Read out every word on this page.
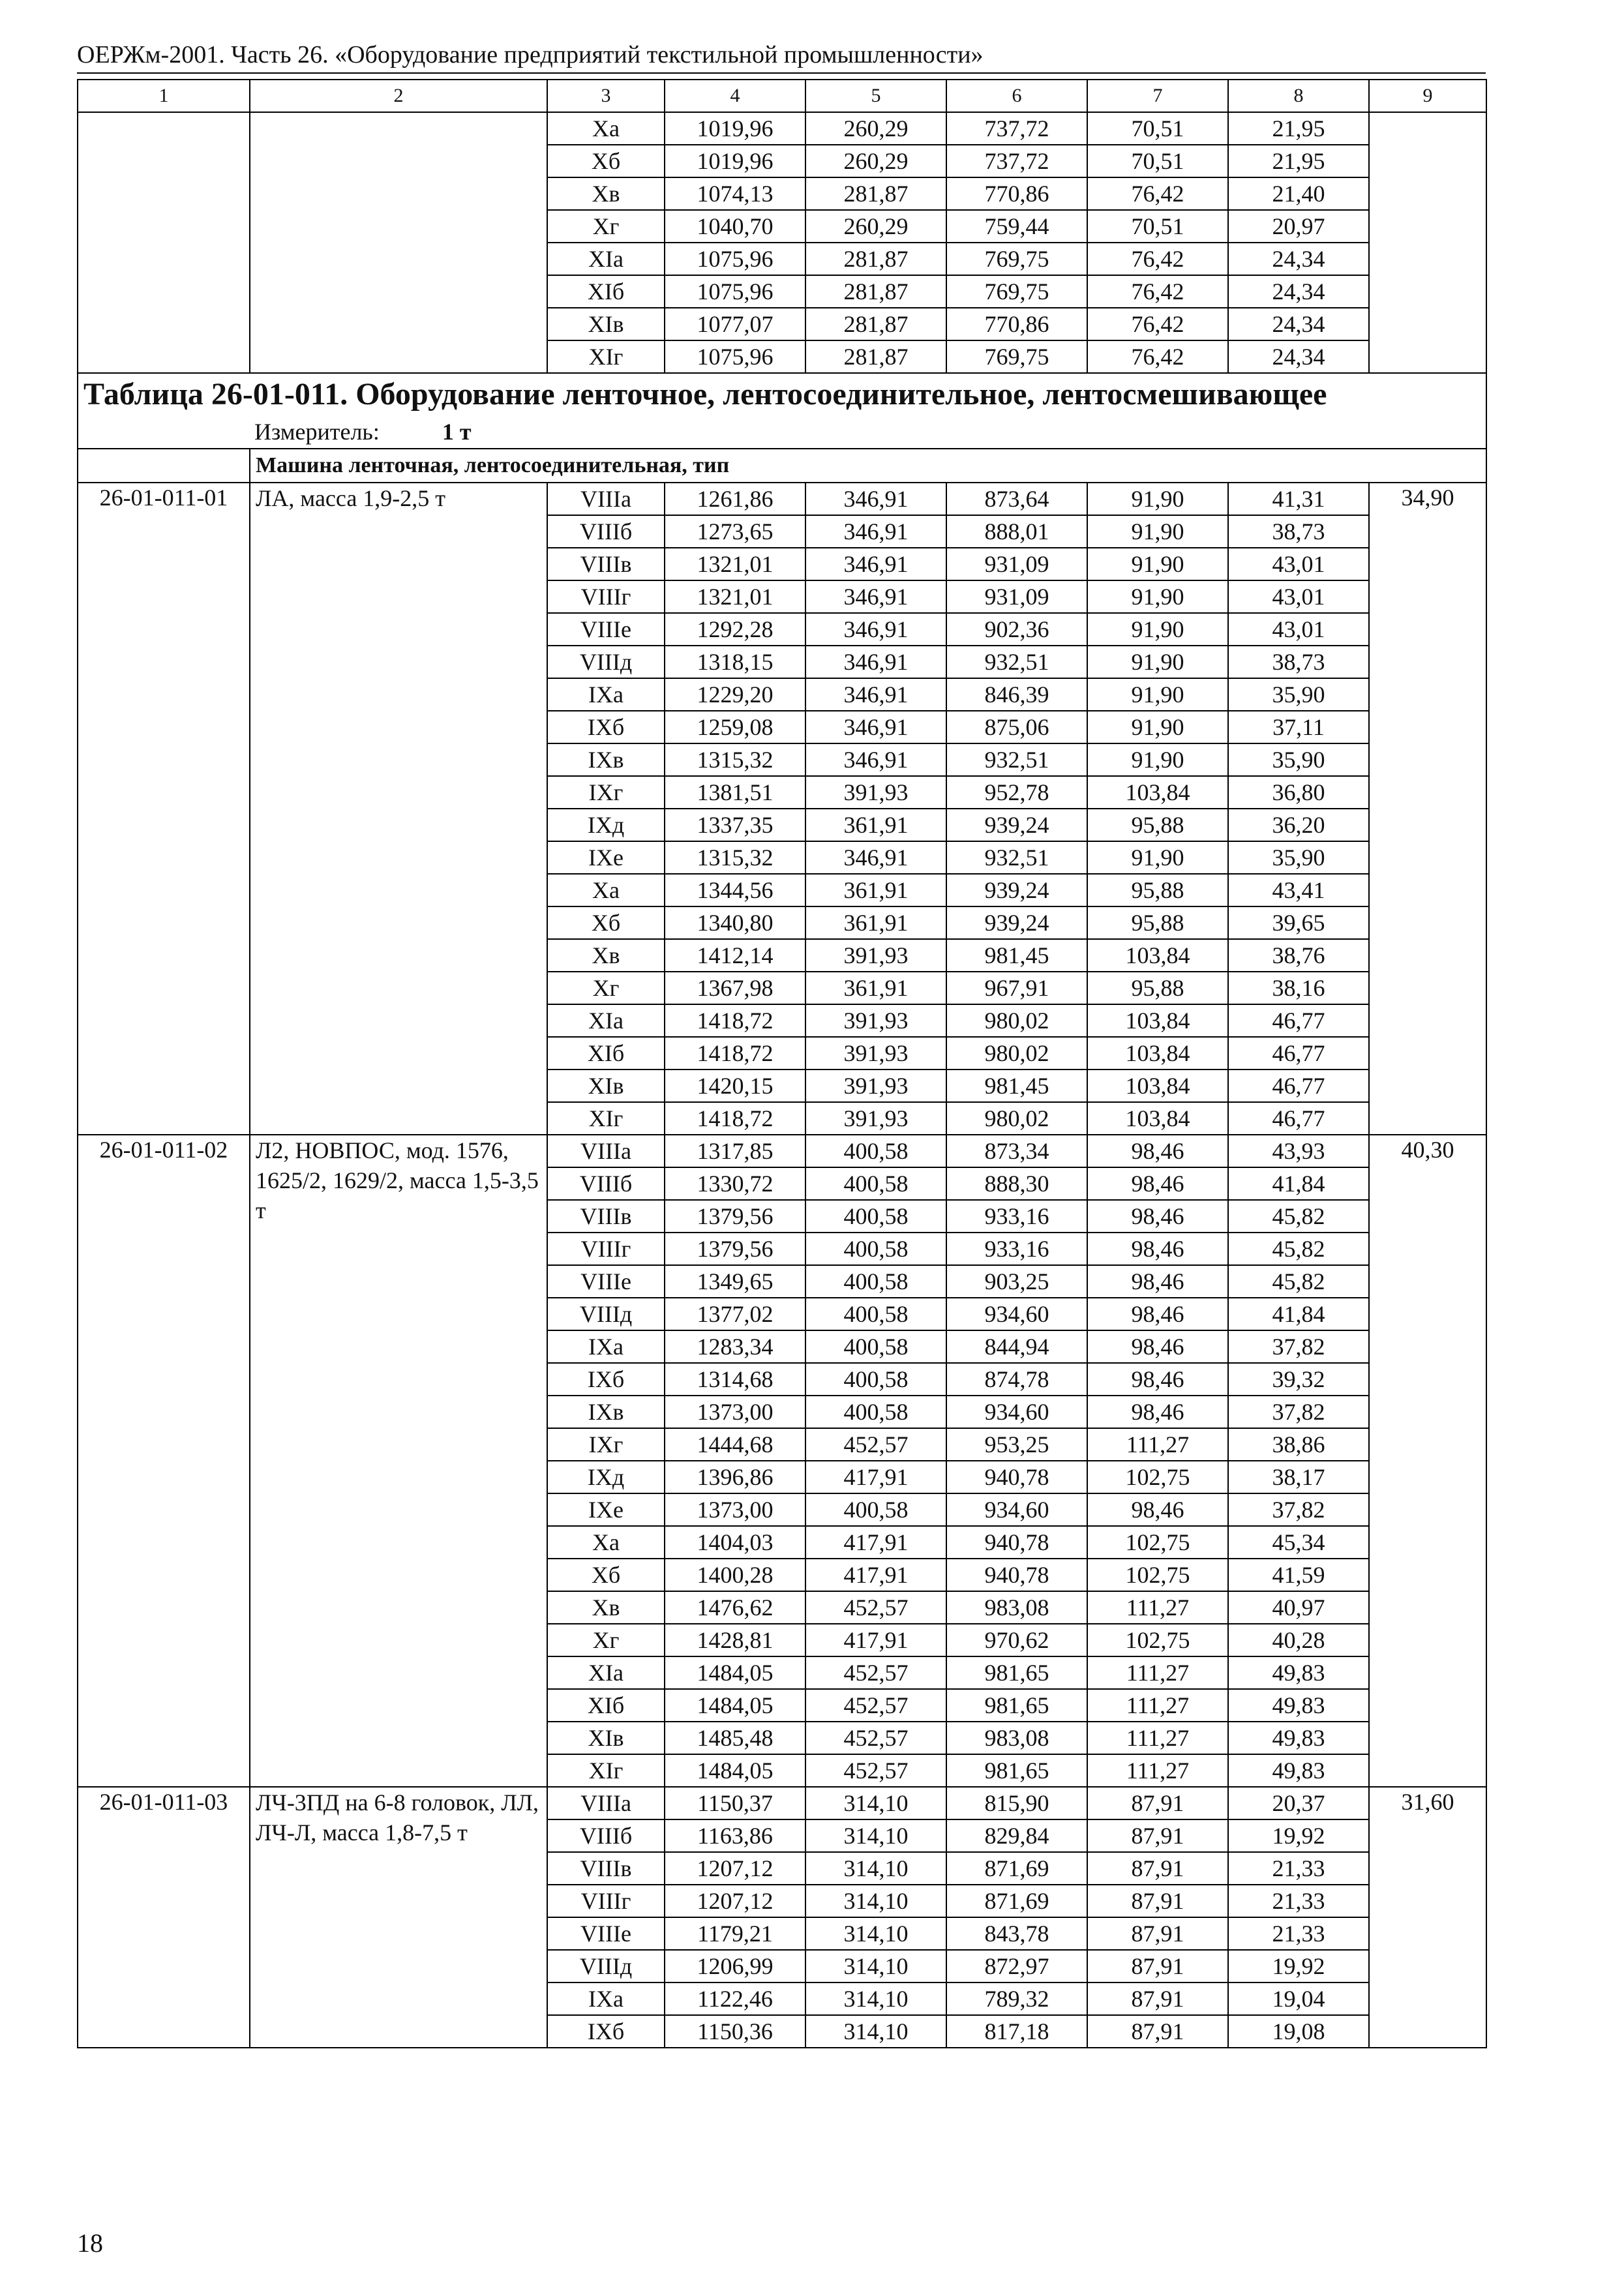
ОЕРЖм-2001. Часть 26. «Оборудование предприятий текстильной промышленности»
1	2	3	4	5	6	7	8	9
		Ха	1019,96	260,29	737,72	70,51	21,95	
		Хб	1019,96	260,29	737,72	70,51	21,95	
		Хв	1074,13	281,87	770,86	76,42	21,40	
		Хг	1040,70	260,29	759,44	70,51	20,97	
		ХIа	1075,96	281,87	769,75	76,42	24,34	
		ХIб	1075,96	281,87	769,75	76,42	24,34	
		ХIв	1077,07	281,87	770,86	76,42	24,34	
		ХIг	1075,96	281,87	769,75	76,42	24,34	
Таблица 26-01-011. Оборудование ленточное, лентосоединительное, лентосмешивающее								
Измеритель: 1 т								
	Машина ленточная, лентосоединительная, тип							
26-01-011-01	ЛА, масса 1,9-2,5 т	VIIIа	1261,86	346,91	873,64	91,90	41,31	34,90
		VIIIб	1273,65	346,91	888,01	91,90	38,73	
		VIIIв	1321,01	346,91	931,09	91,90	43,01	
		VIIIг	1321,01	346,91	931,09	91,90	43,01	
		VIIIе	1292,28	346,91	902,36	91,90	43,01	
		VIIIд	1318,15	346,91	932,51	91,90	38,73	
		IХа	1229,20	346,91	846,39	91,90	35,90	
		IХб	1259,08	346,91	875,06	91,90	37,11	
		IХв	1315,32	346,91	932,51	91,90	35,90	
		IХг	1381,51	391,93	952,78	103,84	36,80	
		IХд	1337,35	361,91	939,24	95,88	36,20	
		IХе	1315,32	346,91	932,51	91,90	35,90	
		Ха	1344,56	361,91	939,24	95,88	43,41	
		Хб	1340,80	361,91	939,24	95,88	39,65	
		Хв	1412,14	391,93	981,45	103,84	38,76	
		Хг	1367,98	361,91	967,91	95,88	38,16	
		ХIа	1418,72	391,93	980,02	103,84	46,77	
		ХIб	1418,72	391,93	980,02	103,84	46,77	
		ХIв	1420,15	391,93	981,45	103,84	46,77	
		ХIг	1418,72	391,93	980,02	103,84	46,77	
26-01-011-02	Л2, НОВПОС, мод. 1576, 1625/2, 1629/2, масса 1,5-3,5 т	VIIIа	1317,85	400,58	873,34	98,46	43,93	40,30
		VIIIб	1330,72	400,58	888,30	98,46	41,84	
		VIIIв	1379,56	400,58	933,16	98,46	45,82	
		VIIIг	1379,56	400,58	933,16	98,46	45,82	
		VIIIе	1349,65	400,58	903,25	98,46	45,82	
		VIIIд	1377,02	400,58	934,60	98,46	41,84	
		IХа	1283,34	400,58	844,94	98,46	37,82	
		IХб	1314,68	400,58	874,78	98,46	39,32	
		IХв	1373,00	400,58	934,60	98,46	37,82	
		IХг	1444,68	452,57	953,25	111,27	38,86	
		IХд	1396,86	417,91	940,78	102,75	38,17	
		IХе	1373,00	400,58	934,60	98,46	37,82	
		Ха	1404,03	417,91	940,78	102,75	45,34	
		Хб	1400,28	417,91	940,78	102,75	41,59	
		Хв	1476,62	452,57	983,08	111,27	40,97	
		Хг	1428,81	417,91	970,62	102,75	40,28	
		ХIа	1484,05	452,57	981,65	111,27	49,83	
		ХIб	1484,05	452,57	981,65	111,27	49,83	
		ХIв	1485,48	452,57	983,08	111,27	49,83	
		ХIг	1484,05	452,57	981,65	111,27	49,83	
26-01-011-03	ЛЧ-3ПД на 6-8 головок, ЛЛ, ЛЧ-Л, масса 1,8-7,5 т	VIIIа	1150,37	314,10	815,90	87,91	20,37	31,60
		VIIIб	1163,86	314,10	829,84	87,91	19,92	
		VIIIв	1207,12	314,10	871,69	87,91	21,33	
		VIIIг	1207,12	314,10	871,69	87,91	21,33	
		VIIIе	1179,21	314,10	843,78	87,91	21,33	
		VIIIд	1206,99	314,10	872,97	87,91	19,92	
		IХа	1122,46	314,10	789,32	87,91	19,04	
		IХб	1150,36	314,10	817,18	87,91	19,08	
18
